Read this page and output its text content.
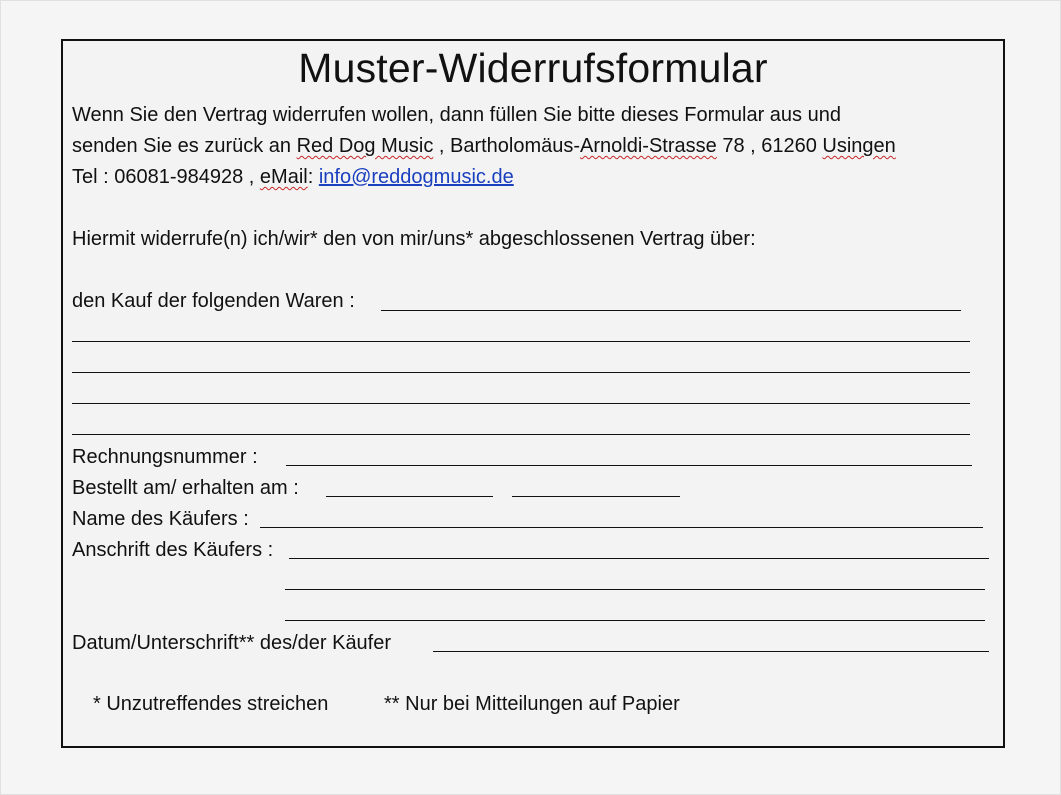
Muster-Widerrufsformular
Wenn Sie den Vertrag widerrufen wollen, dann füllen Sie bitte dieses Formular aus und
senden Sie es zurück an Red Dog Music , Bartholomäus-Arnoldi-Strasse 78 , 61260 Usingen
Tel : 06081-984928 , eMail: info@reddogmusic.de
Hiermit widerrufe(n) ich/wir* den von mir/uns* abgeschlossenen Vertrag über:
den Kauf der folgenden Waren :
Rechnungsnummer :
Bestellt am/ erhalten am :
Name des Käufers :
Anschrift des Käufers :
Datum/Unterschrift** des/der Käufer
* Unzutreffendes streichen	** Nur bei Mitteilungen auf Papier
